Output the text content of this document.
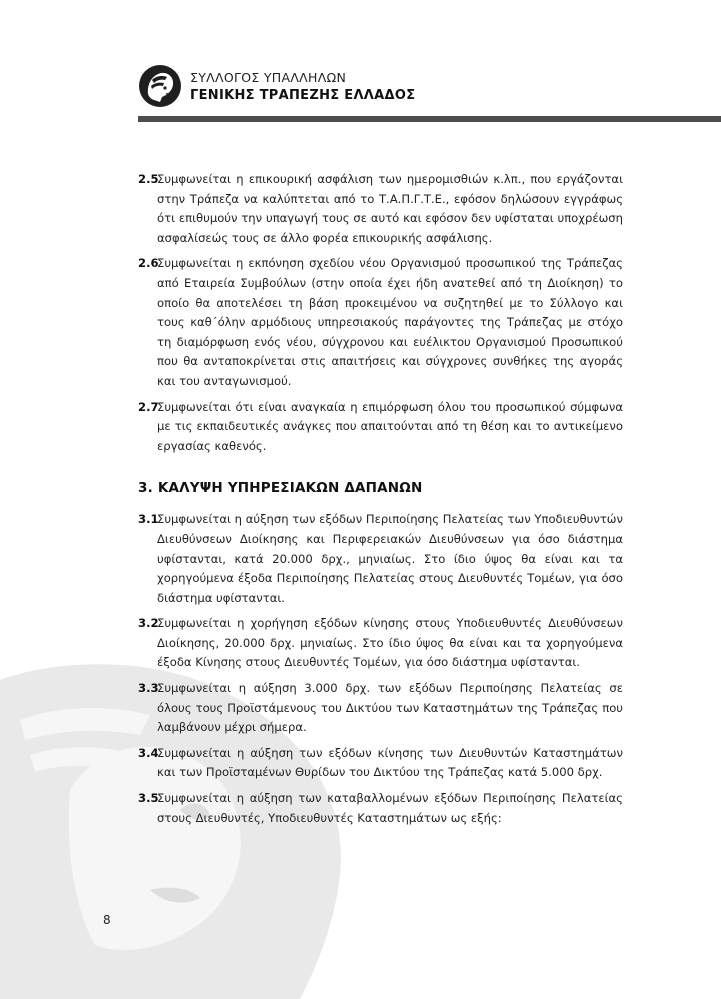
ΣΥΛΛΟΓΟΣ ΥΠΑΛΛΗΛΩΝ
ΓΕΝΙΚΗΣ ΤΡΑΠΕΖΗΣ ΕΛΛΑΔΟΣ
2.5
Συμφωνείται η επικουρική ασφάλιση των ημερομισθιών κ.λπ., που εργάζονται στην Τράπεζα να καλύπτεται από το Τ.Α.Π.Γ.Τ.Ε., εφόσον δηλώσουν εγγράφως ότι επιθυμούν την υπαγωγή τους σε αυτό και εφόσον δεν υφίσταται υποχρέωση ασφαλίσεώς τους σε άλλο φορέα επικουρικής ασφάλισης.
2.6
Συμφωνείται η εκπόνηση σχεδίου νέου Οργανισμού προσωπικού της Τράπεζας από Εταιρεία Συμβούλων (στην οποία έχει ήδη ανατεθεί από τη Διοίκηση) το οποίο θα αποτελέσει τη βάση προκειμένου να συζητηθεί με το Σύλλογο και τους καθ΄όλην αρμόδιους υπηρεσιακούς παράγοντες της Τράπεζας με στόχο τη διαμόρφωση ενός νέου, σύγχρονου και ευέλικτου Οργανισμού Προσωπικού που θα ανταποκρίνεται στις απαιτήσεις και σύγχρονες συνθήκες της αγοράς και του ανταγωνισμού.
2.7
Συμφωνείται ότι είναι αναγκαία η επιμόρφωση όλου του προσωπικού σύμφωνα με τις εκπαιδευτικές ανάγκες που απαιτούνται από τη θέση και το αντικείμενο εργασίας καθενός.
3. ΚΑΛΥΨΗ ΥΠΗΡΕΣΙΑΚΩΝ ΔΑΠΑΝΩΝ
3.1
Συμφωνείται η αύξηση των εξόδων Περιποίησης Πελατείας των Υποδιευθυντών Διευθύνσεων Διοίκησης και Περιφερειακών Διευθύνσεων για όσο διάστημα υφίστανται, κατά 20.000 δρχ., μηνιαίως. Στο ίδιο ύψος θα είναι και τα χορηγούμενα έξοδα Περιποίησης Πελατείας στους Διευθυντές Τομέων, για όσο διάστημα υφίστανται.
3.2
Συμφωνείται η χορήγηση εξόδων κίνησης στους Υποδιευθυντές Διευθύνσεων Διοίκησης, 20.000 δρχ. μηνιαίως. Στο ίδιο ύψος θα είναι και τα χορηγούμενα έξοδα Κίνησης στους Διευθυντές Τομέων, για όσο διάστημα υφίστανται.
3.3
Συμφωνείται η αύξηση 3.000 δρχ. των εξόδων Περιποίησης Πελατείας σε όλους τους Προϊστάμενους του Δικτύου των Καταστημάτων της Τράπεζας που λαμβάνουν μέχρι σήμερα.
3.4
Συμφωνείται η αύξηση των εξόδων κίνησης των Διευθυντών Καταστημάτων και των Προϊσταμένων Θυρίδων του Δικτύου της Τράπεζας κατά 5.000 δρχ.
3.5
Συμφωνείται η αύξηση των καταβαλλομένων εξόδων Περιποίησης Πελατείας στους Διευθυντές, Υποδιευθυντές Καταστημάτων ως εξής:
8
